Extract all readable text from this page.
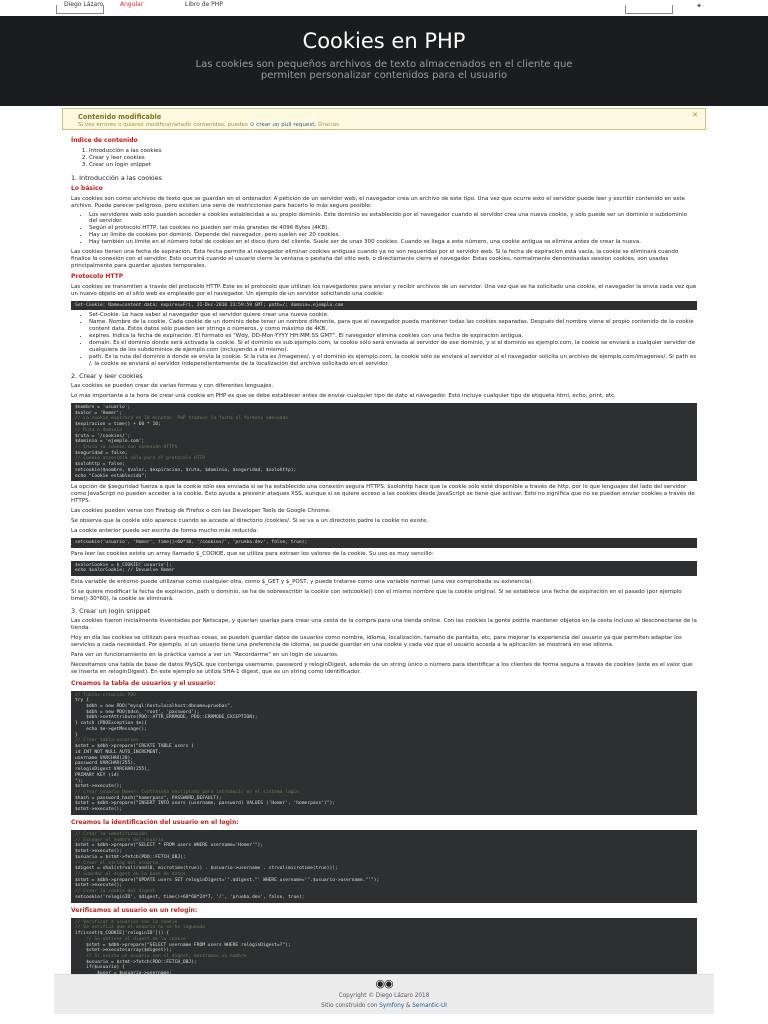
Diego Lázaro	Angular	Libro de PHP	✦
Cookies en PHP

Las cookies son pequeños archivos de texto almacenados en el cliente que permiten personalizar contenidos para el usuario

Contenido modificable
Si ves errores o quieres modificar/añadir contenidos, puedes ⊙ crear un pull request. Gracias
✕
Índice de contenido
1. Introducción a las cookies
2. Crear y leer cookies
3. Crear un login snippet
1. Introducción a las cookies
Lo básico

Las cookies son como archivos de texto que se guardan en el ordenador. A petición de un servidor web, el navegador crea un archivo de este tipo. Una vez que ocurre esto el servidor puede leer y escribir contenido en este archivo. Puede parecer peligroso, pero existen una serie de restricciones para hacerlo lo más seguro posible:

• Los servidores web sólo pueden acceder a cookies establecidas a su propio dominio. Este dominio es establecido por el navegador cuando el servidor crea una nueva cookie, y sólo puede ser un dominio o subdominio del servidor.
• Según el protocolo HTTP, las cookies no pueden ser más grandes de 4096 Bytes (4KB).
• Hay un límite de cookies por dominio. Depende del navegador, pero suelen ser 20 cookies.
• Hay también un límite en el número total de cookies en el disco duro del cliente. Suele ser de unas 300 cookies. Cuando se llega a este número, una cookie antigua se elimina antes de crear la nueva.

Las cookies tienen una fecha de expiración. Esta fecha permite al navegador eliminar cookies antiguas cuando ya no son requeridas por el servidor web. Si la fecha de expiración está vacía, la cookie se eliminará cuando finalice la conexión con el servidor. Esto ocurrirá cuando el usuario cierre la ventana o pestaña del sitio web, o directamente cierre el navegador. Estas cookies, normalmente denominadas session cookies, son usadas principalmente para guardar ajustes temporales.

Protocolo HTTP

Las cookies se transmiten a través del protocolo HTTP. Este es el protocolo que utilizan los navegadores para enviar y recibir archivos de un servidor. Una vez que se ha solicitado una cookie, el navegador la envía cada vez que un nuevo objeto en el sitio web es empleado por el navegador. Un ejemplo de un servidor solicitando una cookie:

Set-Cookie: Name=content data; expires=Fri, 31-Dec-2010 23:59:59 GMT; path=/; domain=.ejemplo.com
• Set-Cookie. Le hace saber al navegador que el servidor quiere crear una nueva cookie.
• Name. Nombre de la cookie. Cada cookie de un dominio debe tener un nombre diferente, para que el navegador pueda mantener todas las cookies separadas. Después del nombre viene el propio contenido de la cookie content data. Estos datos sólo pueden ser strings o números, y como máximo de 4KB.
• expires. Indica la fecha de expiración. El formato es "Wdy, DD-Mon-YYYY HH:MM:SS GMT". El navegador elimina cookies con una fecha de expiración antigua.
• domain. Es el dominio donde será activada la cookie. Si el dominio es sub.ejemplo.com, la cookie sólo será enviada al servidor de ese dominio, y si el dominio es ejemplo.com, la cookie se enviará a cualquier servidor de cualquiera de los subdominios de ejemplo.com (incluyendo a él mismo).
• path. Es la ruta del dominio a donde se envía la cookie. Si la ruta es /imagenes/, y el dominio es ejemplo.com, la cookie sólo se enviará al servidor si el navegador solicita un archivo de ejemplo.com/imagenes/. Si path es /, la cookie se enviará al servidor independientemente de la localización del archivo solicitado en el servidor.
2. Crear y leer cookies

Las cookies se pueden crear de varias formas y con diferentes lenguajes.

Lo más importante a la hora de crear una cookie en PHP es que se debe establecer antes de enviar cualquier tipo de dato al navegador. Esto incluye cualquier tipo de etiqueta html, echo, print, etc.

$nombre = 'usuario';
$valor = 'Homer';
// La cookie expirará en 10 minutos. PHP traduce la fecha al formato adecuado
$expiracion = time() + 60 * 10;
// Ruta o dominio
$ruta = '/cookies/';
$dominio = 'ejemplo.com';
// Envía la cookie con conexión HTTPS
$seguridad = false;
// Cookie accesible sólo para el protocolo HTTP
$solohttp = false;
setcookie($nombre, $valor, $expiracion, $ruta, $dominio, $seguridad, $solohttp);
echo "Cookie establecida";

La opción de $seguridad fuerza a que la cookie sólo sea enviada si se ha establecido una conexión segura HTTPS. $solohttp hace que la cookie sólo esté disponible a través de http, por lo que lenguajes del lado del servidor como JavaScript no pueden acceder a la cookie. Esto ayuda a prevenir ataques XSS, aunque si se quiere acceso a las cookies desde JavaScript se tiene que activar. Esto no significa que no se puedan enviar cookies a través de HTTPS.

Las cookies pueden verse con Firebug de Firefox o con las Developer Tools de Google Chrome.

Se observa que la cookie sólo aparece cuando se accede al directorio /cookies/. Si se va a un directorio padre la cookie no existe.

La cookie anterior puede ser escrita de forma mucho más reducida:

setcookie('usuario', 'Homer', time()+60*10, '/cookies/', 'prueba.dev', false, true);

Para leer las cookies existe un array llamado $_COOKIE, que se utiliza para extraer los valores de la cookie. Su uso es muy sencillo:

$valorCookie = $_COOKIE['usuario'];
echo $valorCookie; // Devuelve Homer

Esta variable de entorno puede utilizarse como cualquier otra, como $_GET y $_POST, y puede tratarse como una variable normal (una vez comprobada su existencia).

Si se quiere modificar la fecha de expiración, path o dominio, se ha de sobreescribir la cookie con setcookie() con el mismo nombre que la cookie original. Si se establece una fecha de expiración en el pasado (por ejemplo time()-30*60), la cookie se eliminará.

3. Crear un login snippet

Las cookies fueron inicialmente inventadas por Netscape, y querían usarlas para crear una cesta de la compra para una tienda online. Con las cookies la gente podría mantener objetos en la cesta incluso al desconectarse de la tienda.

Hoy en día las cookies se utilizan para muchas cosas, se pueden guardar datos de usuarios como nombre, idioma, localización, tamaño de pantalla, etc, para mejorar la experiencia del usuario ya que permiten adaptar los servicios a cada necesidad. Por ejemplo, si un usuario tiene una preferencia de idioma, se puede guardar en una cookie y cada vez que el usuario acceda a la aplicación se mostrará en ese idioma.

Para ver un funcionamiento en la práctica vamos a ver un "Recordarme" en un login de usuarios.

Necesitamos una tabla de base de datos MySQL que contenga username, password y reloginDigest, además de un string único o número para identificar a los clientes de forma segura a través de cookies (este es el valor que se inserta en reloginDigest). En este ejemplo se utiliza SHA-1 digest, que es un string como identificador.

Creamos la tabla de usuarios y el usuario:
// Tablas creación PDO
try {
$dbh = new PDO("mysql:host=localhost;dbname=pruebas",
$dbh = new PDO($dsn, 'root', 'password');
$dbh->setAttribute(PDO::ATTR_ERRMODE, PDO::ERRMODE_EXCEPTION);
} catch (PDOException $e){
echo $e->getMessage();
}
// Crear tabla usuarios
$stmt = $dbh->prepare("CREATE TABLE users (
id INT NOT NULL AUTO_INCREMENT,
username VARCHAR(20),
password VARCHAR(255),
reloginDigest VARCHAR(255),
PRIMARY KEY (id)
");
$stmt->execute();
// Crear usuario Homer. Contraseña encriptada para introducir en el sistema login
$hash = password_hash("homerpass", PASSWORD_DEFAULT);
$stmt = $dbh->prepare("INSERT INTO users (username, password) VALUES ('Homer', 'homerpass')");
$stmt->execute();
Creamos la identificación del usuario en el login:
// Crear la identificación
// Escoger el nombre del usuario
$stmt = $dbh->prepare("SELECT * FROM users WHERE username='Homer'");
$stmt->execute();
$usuario = $stmt->fetch(PDO::FETCH_OBJ);
// Crear el string del usuario
$digest = sha1(strval(rand(0, microtime(true)) . $usuario->username . strval(microtime(true)));
// Guardar el digest en la base de datos
$stmt = $dbh->prepare("UPDATE users SET reloginDigest='".$digest."' WHERE username='".$usuario->username."'");
$stmt->execute();
// Crear la cookie del digest
setcookie('reloginID', $digest, time()+60*60*24*7, '/', 'prueba.dev', false, true);
Verificamos al usuario en un relogin:
// Verificar a usuarios con la cookie
// Se verifica que el usuario no se ha logueado
if(isset($_COOKIE['reloginID'])) {
// Se obtiene el digest de la cookie
$stmt = $dbh->prepare("SELECT username FROM users WHERE reloginDigest=?");
$stmt->execute(array($digest));
// Si existe un usuario con el digest, mostramos su nombre
$usuario = $stmt->fetch(PDO::FETCH_OBJ);
if($usuario) {
◉◉

Copyright © Diego Lázaro 2018

Sitio construido con Symfony & Semantic-UI
